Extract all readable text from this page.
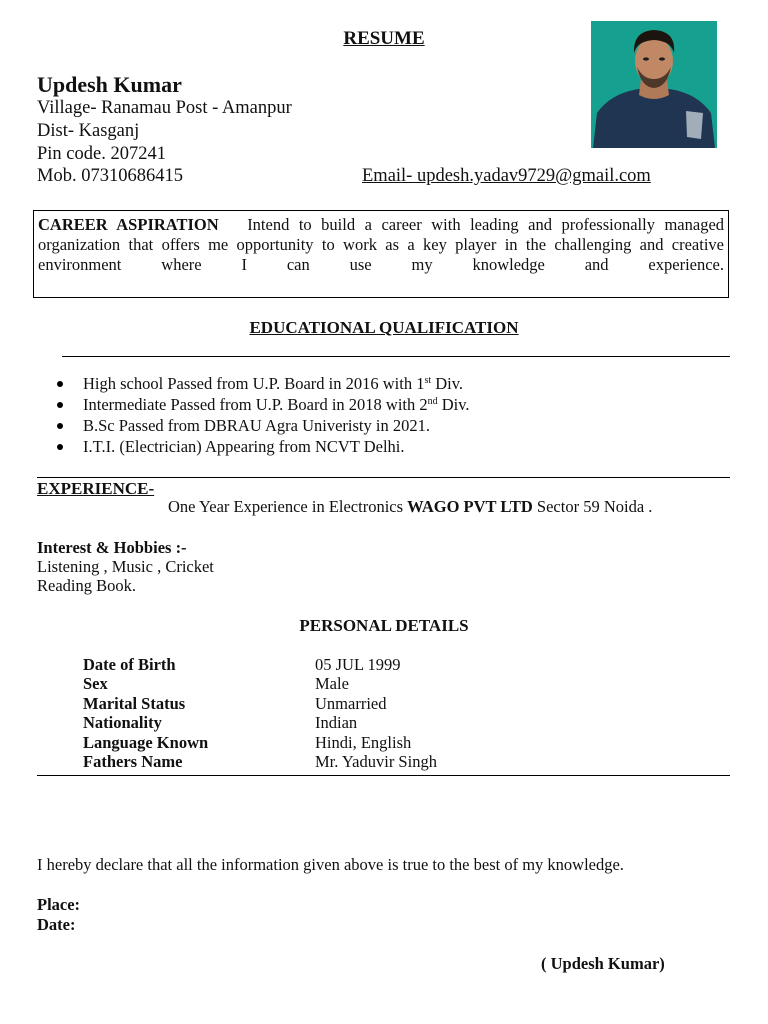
RESUME
Updesh Kumar
Village- Ranamau Post - Amanpur
Dist- Kasganj
Pin code. 207241
Mob. 07310686415	Email- updesh.yadav9729@gmail.com
CAREER ASPIRATION Intend to build a career with leading and professionally managed organization that offers me opportunity to work as a key player in the challenging and creative environment where I can use my knowledge and experience.
EDUCATIONAL QUALIFICATION
High school Passed from U.P. Board in 2016 with 1st Div.
Intermediate Passed from U.P. Board in 2018 with 2nd Div.
B.Sc Passed from DBRAU Agra Univeristy in 2021.
I.T.I. (Electrician) Appearing from NCVT Delhi.
EXPERIENCE-
One Year Experience in Electronics WAGO PVT LTD Sector 59 Noida .
Interest & Hobbies :-
Listening , Music , Cricket
Reading Book.
PERSONAL DETAILS
Date of Birth	05 JUL 1999
Sex	Male
Marital Status	Unmarried
Nationality	Indian
Language Known	Hindi, English
Fathers Name	Mr. Yaduvir Singh
I hereby declare that all the information given above is true to the best of my knowledge.
Place:
Date:
( Updesh Kumar)
